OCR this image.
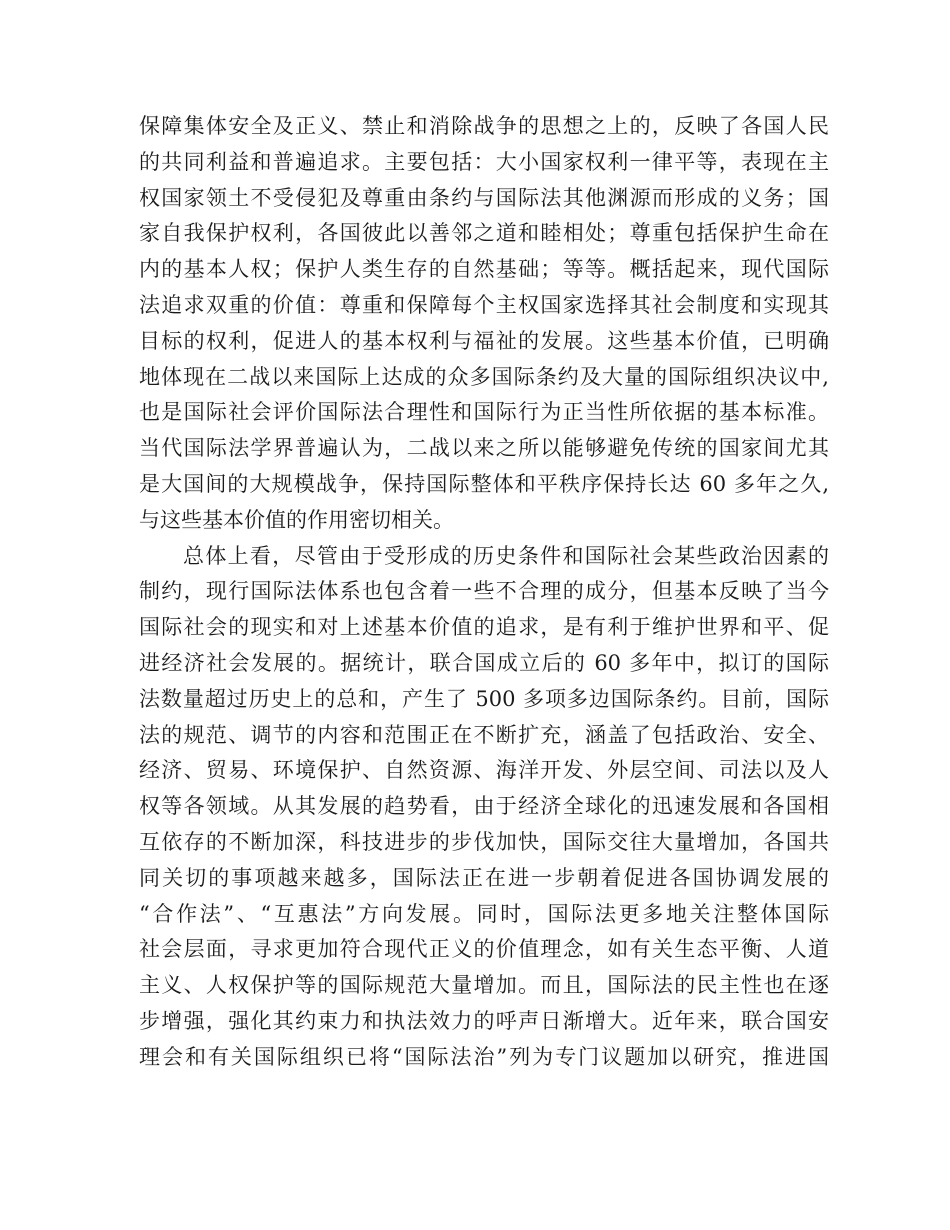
保障集体安全及正义、禁止和消除战争的思想之上的，反映了各国人民
的共同利益和普遍追求。主要包括：大小国家权利一律平等，表现在主
权国家领土不受侵犯及尊重由条约与国际法其他渊源而形成的义务；国
家自我保护权利，各国彼此以善邻之道和睦相处；尊重包括保护生命在
内的基本人权；保护人类生存的自然基础；等等。概括起来，现代国际
法追求双重的价值：尊重和保障每个主权国家选择其社会制度和实现其
目标的权利，促进人的基本权利与福祉的发展。这些基本价值，已明确
地体现在二战以来国际上达成的众多国际条约及大量的国际组织决议中,
也是国际社会评价国际法合理性和国际行为正当性所依据的基本标准。
当代国际法学界普遍认为，二战以来之所以能够避免传统的国家间尤其
是大国间的大规模战争，保持国际整体和平秩序保持长达 60 多年之久,
与这些基本价值的作用密切相关。
总体上看，尽管由于受形成的历史条件和国际社会某些政治因素的
制约，现行国际法体系也包含着一些不合理的成分，但基本反映了当今
国际社会的现实和对上述基本价值的追求，是有利于维护世界和平、促
进经济社会发展的。据统计，联合国成立后的 60 多年中，拟订的国际
法数量超过历史上的总和，产生了 500 多项多边国际条约。目前，国际
法的规范、调节的内容和范围正在不断扩充，涵盖了包括政治、安全、
经济、贸易、环境保护、自然资源、海洋开发、外层空间、司法以及人
权等各领域。从其发展的趋势看，由于经济全球化的迅速发展和各国相
互依存的不断加深，科技进步的步伐加快，国际交往大量增加，各国共
同关切的事项越来越多，国际法正在进一步朝着促进各国协调发展的
“合作法”、“互惠法”方向发展。同时，国际法更多地关注整体国际
社会层面，寻求更加符合现代正义的价值理念，如有关生态平衡、人道
主义、人权保护等的国际规范大量增加。而且，国际法的民主性也在逐
步增强，强化其约束力和执法效力的呼声日渐增大。近年来，联合国安
理会和有关国际组织已将“国际法治”列为专门议题加以研究，推进国
